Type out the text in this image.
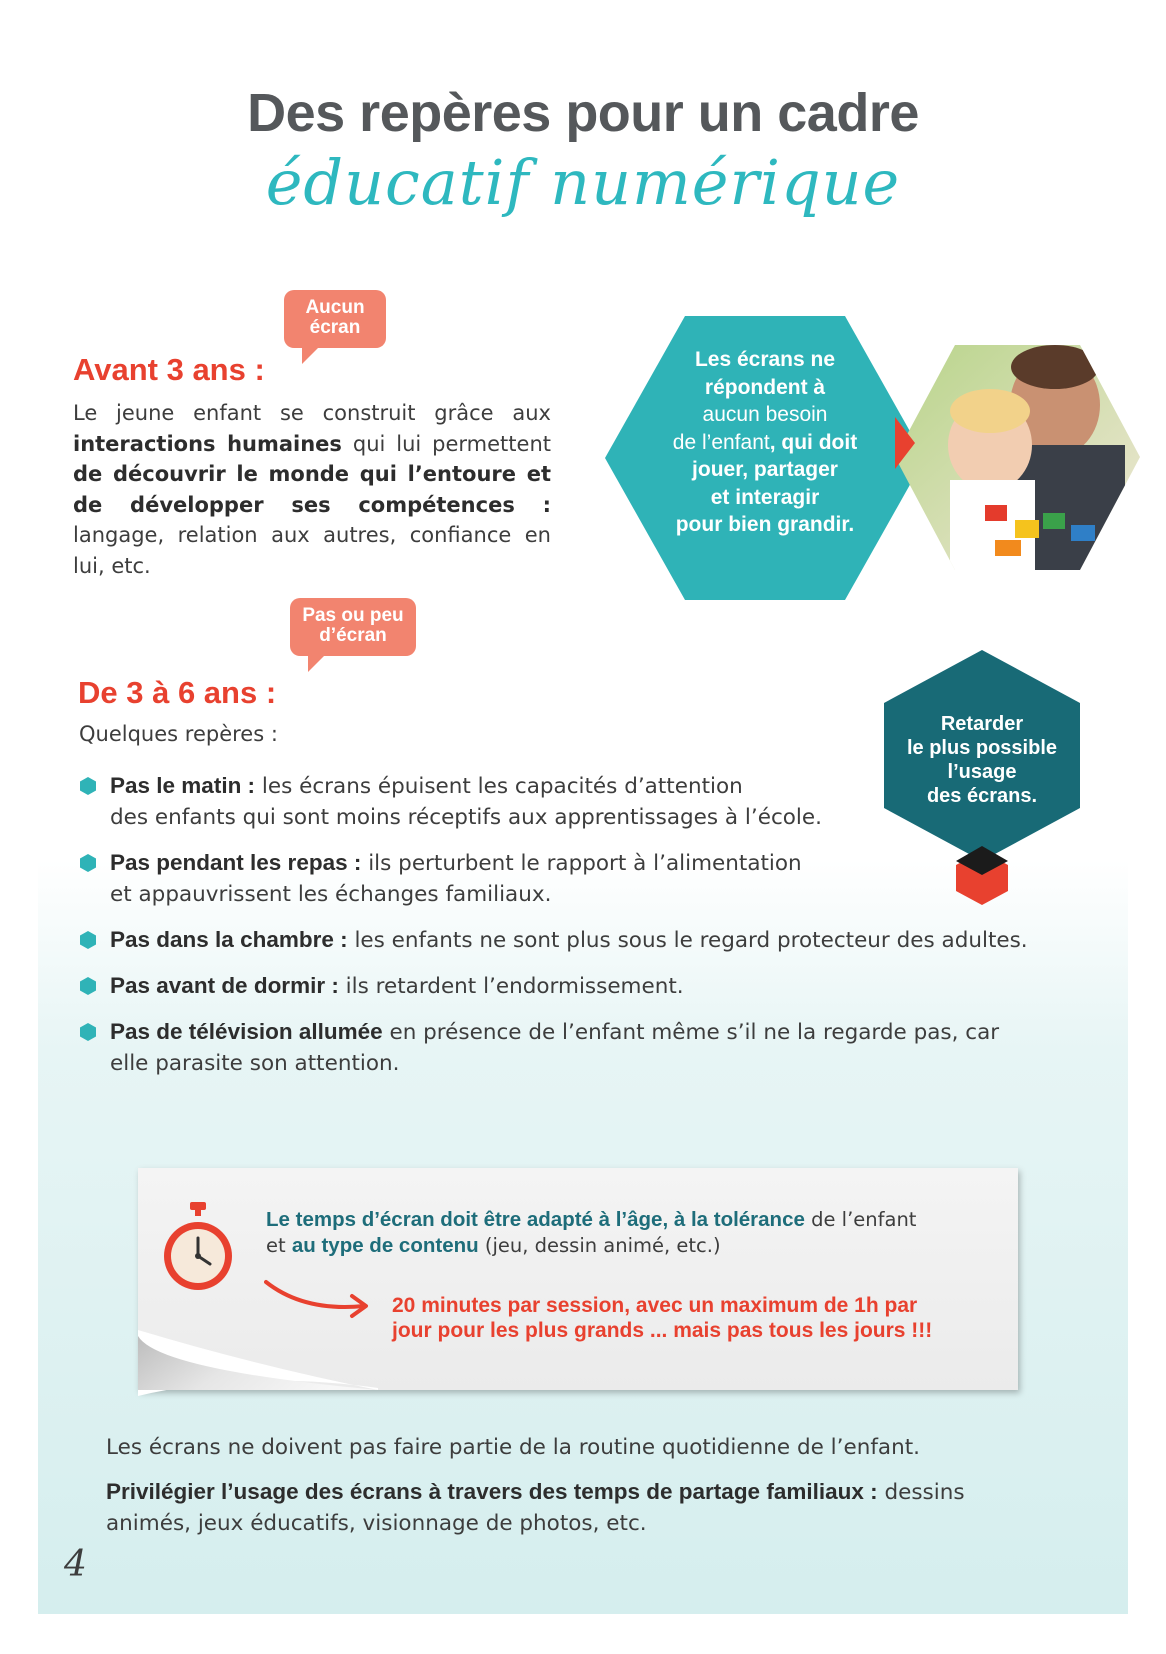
Des repères pour un cadre
éducatif numérique
Aucun
écran
Avant 3 ans :
Le jeune enfant se construit grâce aux interactions humaines qui lui permettent de découvrir le monde qui l’entoure et de développer ses compétences : langage, relation aux autres, confiance en lui, etc.
Les écrans ne
répondent à
aucun besoin
de l’enfant, qui doit
jouer, partager
et interagir
pour bien grandir.
Pas ou peu
d’écran
De 3 à 6 ans :
Quelques repères :	Retarder
le plus possible
l’usage
des écrans.
Pas le matin : les écrans épuisent les capacités d’attention
des enfants qui sont moins réceptifs aux apprentissages à l’école.
Pas pendant les repas : ils perturbent le rapport à l’alimentation
et appauvrissent les échanges familiaux.
Pas dans la chambre : les enfants ne sont plus sous le regard protecteur des adultes.
Pas avant de dormir : ils retardent l’endormissement.
Pas de télévision allumée en présence de l’enfant même s’il ne la regarde pas, car
elle parasite son attention.
Le temps d’écran doit être adapté à l’âge, à la tolérance de l’enfant
et au type de contenu (jeu, dessin animé, etc.)
20 minutes par session, avec un maximum de 1h par
jour pour les plus grands ... mais pas tous les jours !!!
Les écrans ne doivent pas faire partie de la routine quotidienne de l’enfant.
Privilégier l’usage des écrans à travers des temps de partage familiaux : dessins
animés, jeux éducatifs, visionnage de photos, etc.
4
